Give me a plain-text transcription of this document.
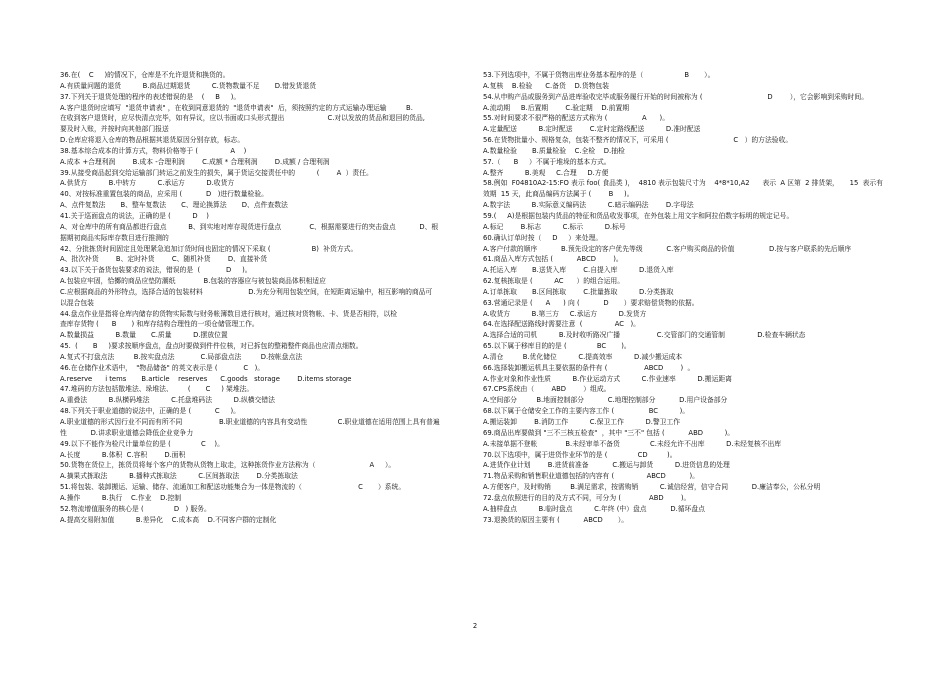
36.在(    C     )的情况下，仓库是不允许退货和换货的。
A.有质量问题的退货          B.商品过期退货          C.货物数量不足       D.错发货退货
37.下列关于退货处理的程序的表述错误的是    (     B     )。
A.客户退货时应填写  "退货申请表" ，在收到同意退货的  "退货申请表"  后，须按照约定的方式运输办理运输         B.
在收到客户退货时，应尽快清点完毕，如有异议，应以书面或口头形式提出                    C.对以发放的货品和退回的货品,
要及时入账，并按时向其他部门报送
D.仓库应将退入仓库的物品根据其退货原因分别存放，标志。
38.基本综合成本的计算方式，物料价格等于 (               A    )
A.成本 +合理利润        B.成本 -合理利润        C.成额 * 合理利润        D.成额 / 合理利润
39.从接受商品起到交给运输部门转运之前发生的损失，属于货运交接责任中的          (        A  ）责任。
A.供货方          B.中转方          C.承运方          D.收货方
40、对按标准重置包装的商品，应采用 (           D   )进行数量检验。
A、点件复数法       B、整车复数法       C、理论换算法       D、点件查数法
41.关于巡面盘点的说法，正确的是 (          D    )
A、对仓库中的所有商品都进行盘点          B、到实地对库存现货进行盘点             C、根据需要进行的突击盘点           D、根
据期初商品实际库存数目进行推测的
42、分批拣货时间固定且处理紧急追加订货时间也固定的情况下采取 (                   B)  补货方式。
A、批次补货        B、定时补货        C、随机补货        D、直接补货
43.以下关于备货包装要求的说法，错误的是  (            D     )。
A.包装应牢固，恰擲的商品应垫防潮纸             B.包装的容器应与被包装商品体积相适应
C.应根据商品的外形特点，选择合适的包装材料                     D.为充分利用包装空间，在短距离运输中，相互影响的商品可
以混合包装
44.盘点作业是指将仓库内储存的货物实际数与财务帐簿数目进行核对，通过核对货物帐、卡、货是否相符，以检
查库存货物 (      B       ) 和库存结构合理性的一项仓储管理工作。
A.数量损益          B.数量       C.质量          D.摆放位置
45.  (       B     )要求按顺序盘点，盘点时要做到件件位核，对已拆包的整箱整件商品也应清点细数。
A.复式不打盘点法         B.按实盘点法            C.局部盘点法         D.按帐盘点法
46.在仓储作业术语中，  "物品储备" 的英文表示是 (            C   )。
A.reserve      i tems       B.article    reserves      C.goods   storage        D.items storage
47.堆码的方法包括散堆法、垛堆法、       (       C     ) 架堆法。
A.重叠法          B.纵横码堆法          C.托盘堆码法          D.纵横交错法
48.下列关于职业道德的说法中，正确的是 (           C     )。
A.职业道德的形式因行业不同而有所不同                 B.职业道德的内容具有变动性              C.职业道德在适用范围上具有普遍
性           D.讲求职业道德会降低企业竞争力
49.以下不能作为检尺计量单位的是 (              C    )。
A.长度          B.体积  C.容积        D.面积
50.货物在货位上，拣货员将每个客户的货物从货物上取走，这种拣货作业方法称为（                         A     ）。
A.摘果式拣取法          B.播种式拣取法          C.区间拣取法        D.分类拣取法
51.将包装、装卸搬运、运输、储存、流通加工和配送功能集合为一体是物流的（                          C       ）系统。
A.操作          B.执行    C.作业    D.控制
52.物流增值服务的核心是 (              D   ) 服务。
A.提高交易附加值          B.差异化    C.成本高    D.不同客户群的定制化
53.下列选项中，不属于货物出库业务基本程序的是（                   B       ）。
A.复核    B.检验      C.备货    D.货物包装
54.从申购产品或服务到产品进库验收完毕或服务履行开始的时间被称为 (                              D        ），它会影响到采购时间。
A.流动期     B.后置期        C.验定期    D.前置期
55.对时间要求不很严格的配送方式称为 (                A      )。
A.定量配送          B.定时配送        C.定时定路线配送          D.准时配送
56.在货物批量小、规格复杂，包装不整齐的情况下，可采用 (                              C   ）的方法验收。
A.数量检验       B.质量检验    C.全检    D.抽检
57.（      B     ）不属于堆垛的基本方式。
A.整齐          B.美观     C.合理     D.方便
58.例如  F04810A2-15:FO 表示 foo( 食品类 )，  4810 表示包装尺寸为    4*8*10,A2      表示  A 区第  2 排货架，     15  表示有
效期  15 天，此商品编码方法属于 (        B     )。
A.数字法          B.实际意义编码法          C.暗示编码法        D.字母法
59.(     A)是根据包装内货品的特征和货品收发事项，在外包装上用文字和阿拉伯数字标明的规定记号。
A.标记        B.标志          C.标示          D.标号
60.确认订单时按（     D     ）来处理。
A.客户付款的顺序           B.预先设定的客户优先等级           C.客户购买商品的价值                D.按与客户联系的先后顺序
61.商品入库方式包括 (           ABCD        )。
A.托运入库       B.送货入库        C.自提入库          D.退货入库
62.复核拣取是 (          AC      ）的组合运用。
A.订单拣取       B.区间拣取        C.批量拣取          D.分类拣取
63.营通记录是 (      A      ) 向 (           D       ）要求赔偿货物的依据。
A.收货方          B.第三方     C.承运方          D.发货方
64.在选择配送路线时需要注意  (               AC   )。
A.选择合适的司机          B.及时收听路况广播                 C.交管部门的交通管制               D.检查车辆状态
65.以下属于移库目的的是 (              BC       )。
A.清仓         B.优化储位          C.提高效率          D.减少搬运成本
66.选择装卸搬运机具主要依据的条件有 (                 ABCD        )  。
A.作业对象和作业性质          B.作业运动方式          C.作业速率          D.搬运距离
67.CPS系统由（        ABD        ）组成。
A.空间部分         B.地面控制部分           C.地理控制部分           D.用户设备部分
68.以下属于仓储安全工作的主要内容工作 (                BC          )。
A.搬运装卸        B.消防工作          C.保卫工作          D.警卫工作
69.商品出库要做到 "三不三核五检查"  ，其中 "三不" 包括 (           ABD          )。
A.未接单据不登帐             B.未经审单不备货              C.未经允许不出库          D.未经复核不出库
70.以下选项中，属于进货作业环节的是 (              CD         )。
A.进货作业计划        B.进货前准备           C.搬运与卸货          D.进货信息的处理
71.物品采购和销售职业道德包括的内容有 (               ABCD           )。
A.方便客户，及时购销         B.满足需求，按需购销          C.诚信经营，信守合同           D.廉洁奉公，公私分明
72.盘点依照进行的目的及方式不同，可分为 (             ABD        )。
A.抽样盘点          B.临时盘点          C.年终 (中）盘点           D.循环盘点
73.退换货的原因主要有 (           ABCD       ）。
2
